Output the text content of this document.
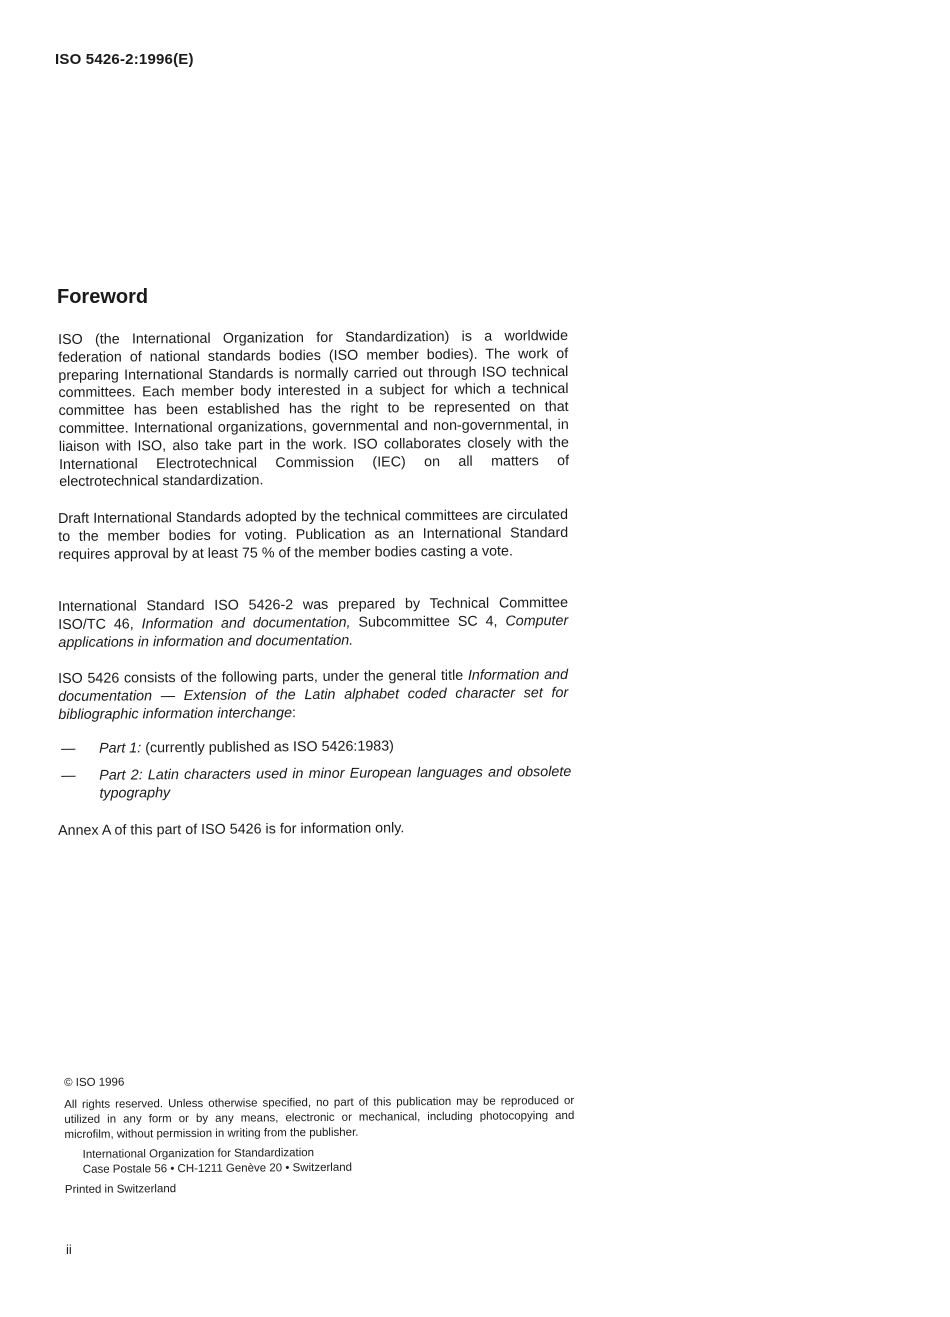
ISO 5426-2:1996(E)
Foreword

ISO (the International Organization for Standardization) is a worldwide federation of national standards bodies (ISO member bodies). The work of preparing International Standards is normally carried out through ISO technical committees. Each member body interested in a subject for which a technical committee has been established has the right to be represented on that committee. International organizations, governmental and non-governmental, in liaison with ISO, also take part in the work. ISO collaborates closely with the International Electrotechnical Commission (IEC) on all matters of electrotechnical standardization.

Draft International Standards adopted by the technical committees are circulated to the member bodies for voting. Publication as an International Standard requires approval by at least 75 % of the member bodies casting a vote.

International Standard ISO 5426-2 was prepared by Technical Committee ISO/TC 46, Information and documentation, Subcommittee SC 4, Computer applications in information and documentation.

ISO 5426 consists of the following parts, under the general title Information and documentation — Extension of the Latin alphabet coded character set for bibliographic information interchange:

—	Part 1: (currently published as ISO 5426:1983)
—	Part 2: Latin characters used in minor European languages and obsolete typography

Annex A of this part of ISO 5426 is for information only.

© ISO 1996
All rights reserved. Unless otherwise specified, no part of this publication may be reproduced or utilized in any form or by any means, electronic or mechanical, including photocopying and microfilm, without permission in writing from the publisher.
International Organization for Standardization
Case Postale 56 • CH-1211 Genève 20 • Switzerland
Printed in Switzerland
ii
